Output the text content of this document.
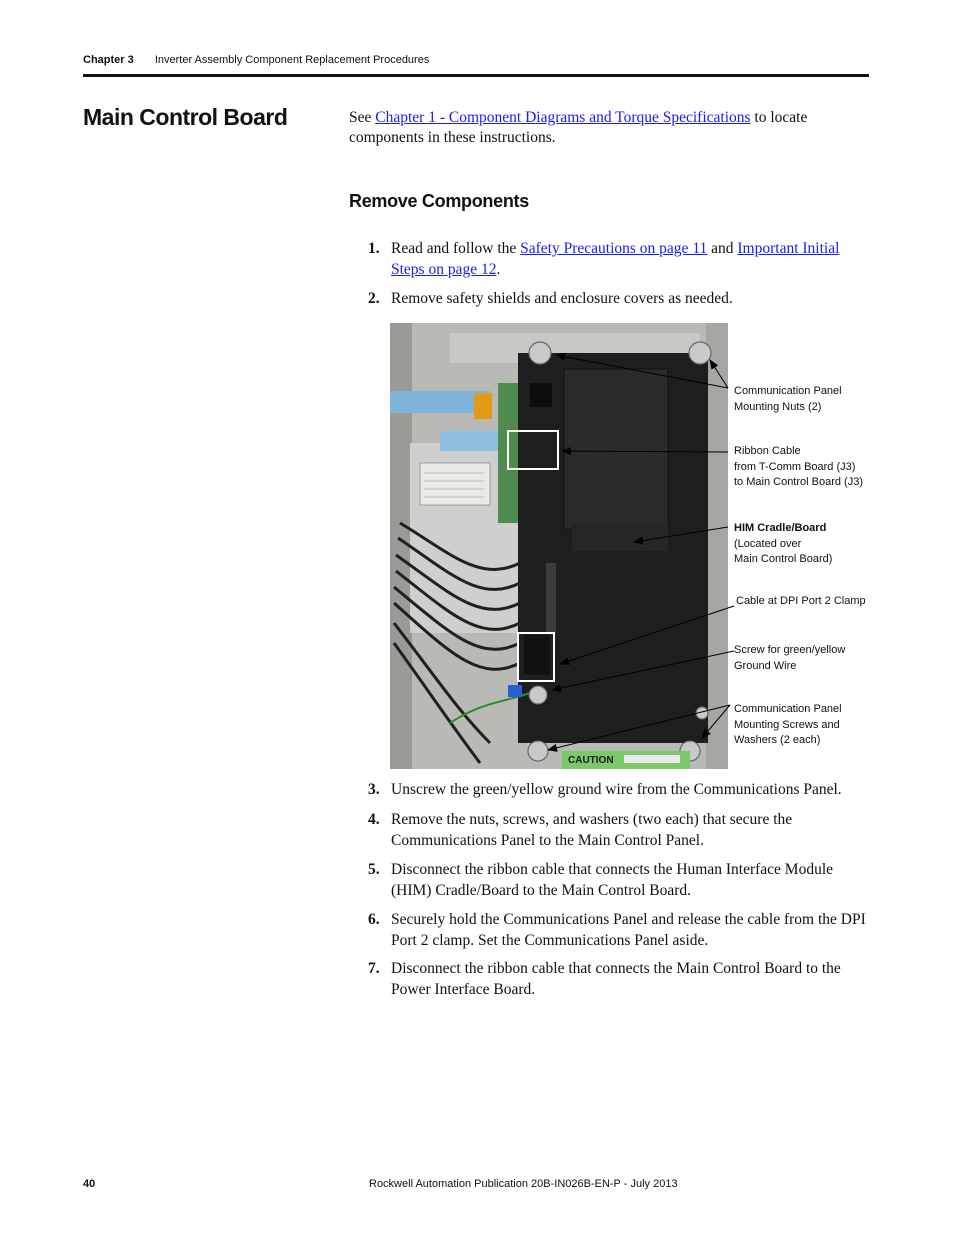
Chapter 3 Inverter Assembly Component Replacement Procedures
Main Control Board	See Chapter 1 - Component Diagrams and Torque Specifications to locate components in these instructions.
Remove Components
1. Read and follow the Safety Precautions on page 11 and Important Initial Steps on page 12.
2. Remove safety shields and enclosure covers as needed.
CAUTION
Communication Panel
Mounting Nuts (2)
Ribbon Cable
from T-Comm Board (J3)
to Main Control Board (J3)
HIM Cradle/Board
(Located over
Main Control Board)
Cable at DPI Port 2 Clamp
Screw for green/yellow
Ground Wire
Communication Panel
Mounting Screws and
Washers (2 each)
3. Unscrew the green/yellow ground wire from the Communications Panel.
4. Remove the nuts, screws, and washers (two each) that secure the Communications Panel to the Main Control Panel.
5. Disconnect the ribbon cable that connects the Human Interface Module (HIM) Cradle/Board to the Main Control Board.
6. Securely hold the Communications Panel and release the cable from the DPI Port 2 clamp. Set the Communications Panel aside.
7. Disconnect the ribbon cable that connects the Main Control Board to the Power Interface Board.
40	Rockwell Automation Publication 20B-IN026B-EN-P - July 2013
